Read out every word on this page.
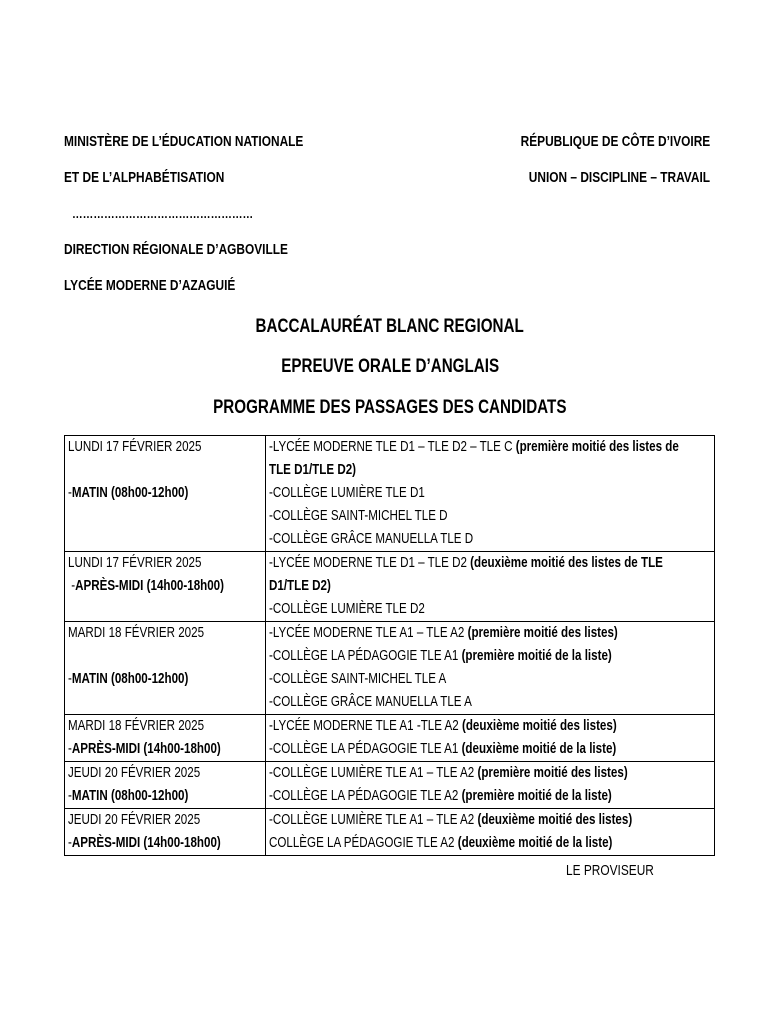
MINISTÈRE DE L’ÉDUCATION NATIONALE
ET DE L’ALPHABÉTISATION
RÉPUBLIQUE DE CÔTE D’IVOIRE
UNION – DISCIPLINE – TRAVAIL
……………………………………………
DIRECTION RÉGIONALE D’AGBOVILLE
LYCÉE MODERNE D’AZAGUIÉ
BACCALAURÉAT BLANC REGIONAL
EPREUVE ORALE D’ANGLAIS
PROGRAMME DES PASSAGES DES CANDIDATS
LUNDI 17 FÉVRIER 2025
-MATIN (08h00-12h00)	-LYCÉE MODERNE TLE D1 – TLE D2 – TLE C (première moitié des listes de
TLE D1/TLE D2)
-COLLÈGE LUMIÈRE TLE D1
-COLLÈGE SAINT-MICHEL TLE D
-COLLÈGE GRÂCE MANUELLA TLE D

LUNDI 17 FÉVRIER 2025
-APRÈS-MIDI (14h00-18h00)	-LYCÉE MODERNE TLE D1 – TLE D2 (deuxième moitié des listes de TLE
D1/TLE D2)
-COLLÈGE LUMIÈRE TLE D2

MARDI 18 FÉVRIER 2025
-MATIN (08h00-12h00)	-LYCÉE MODERNE TLE A1 – TLE A2 (première moitié des listes)
-COLLÈGE LA PÉDAGOGIE TLE A1 (première moitié de la liste)
-COLLÈGE SAINT-MICHEL TLE A
-COLLÈGE GRÂCE MANUELLA TLE A

MARDI 18 FÉVRIER 2025
-APRÈS-MIDI (14h00-18h00)	-LYCÉE MODERNE TLE A1 -TLE A2 (deuxième moitié des listes)
-COLLÈGE LA PÉDAGOGIE TLE A1 (deuxième moitié de la liste)

JEUDI 20 FÉVRIER 2025
-MATIN (08h00-12h00)	-COLLÈGE LUMIÈRE TLE A1 – TLE A2 (première moitié des listes)
-COLLÈGE LA PÉDAGOGIE TLE A2 (première moitié de la liste)

JEUDI 20 FÉVRIER 2025
-APRÈS-MIDI (14h00-18h00)	-COLLÈGE LUMIÈRE TLE A1 – TLE A2 (deuxième moitié des listes)
COLLÈGE LA PÉDAGOGIE TLE A2 (deuxième moitié de la liste)
LE PROVISEUR
